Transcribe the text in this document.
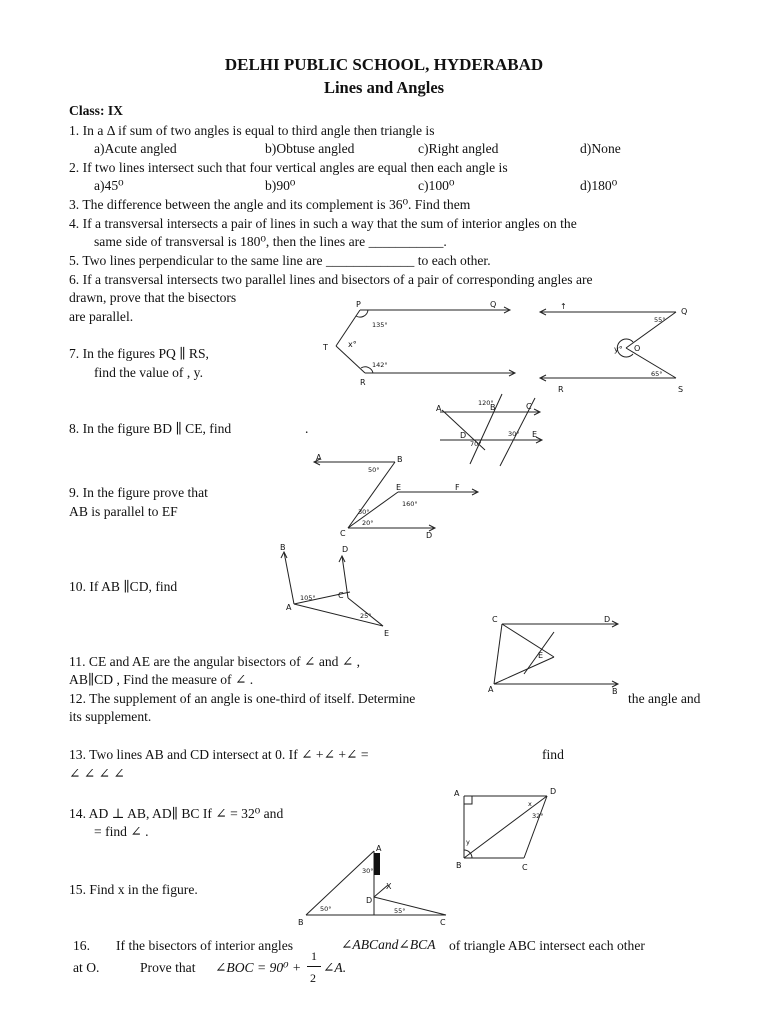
DELHI PUBLIC SCHOOL, HYDERABAD
Lines and Angles
Class: IX
1. In a Δ if sum of two angles is equal to third angle then triangle is
a)Acute angled	b)Obtuse angled	c)Right angled	d)None
2. If two lines intersect such that four vertical angles are equal then each angle is
a)45⁰	b)90⁰	c)100⁰	d)180⁰
3. The difference between the angle and its complement is 36⁰. Find them
4. If a transversal intersects a pair of lines in such a way that the sum of interior angles on the
same side of transversal is 180⁰, then the lines are ___________.
5. Two lines perpendicular to the same line are _____________ to each other.
6. If a transversal intersects two parallel lines and bisectors of a pair of corresponding angles are
drawn, prove that the bisectors
are parallel.
7. In the figures PQ ∥ RS,
find the value of , y.
P	Q
T
R
x°
135°
142°
↑
Q
R	S
y° O
55°
65°
8. In the figure BD ∥ CE, find	.
A	B	C
D	E
120°
70°
30°
9. In the figure prove that
AB is parallel to EF
A	B
E	F
C	D
50°
160°
30°
20°
10. If AB ∥CD, find
B	D
A
C
E
105°
25°	C	D
E
A	B
11. CE and AE are the angular bisectors of ∠ and ∠ ,
AB∥CD , Find the measure of ∠ .
12. The supplement of an angle is one-third of itself. Determine	the angle and
its supplement.
13. Two lines AB and CD intersect at 0. If ∠ +∠ +∠ =	find
∠ ∠ ∠ ∠
A	D
B	C
x
y
32°
14. AD ⊥ AB, AD∥ BC If ∠ = 32⁰ and
= find ∠ .
A
B	C
D
X
30°
50°	55°
15. Find x in the figure.
16. If the bisectors of interior angles	∠ABCand∠BCA of triangle ABC intersect each other
at O.	Prove that ∠BOC = 90⁰ +
1
2
∠A.
